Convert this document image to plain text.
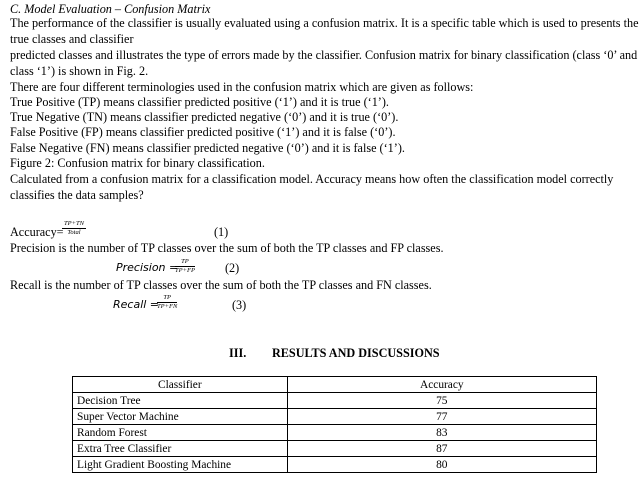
C. Model Evaluation – Confusion Matrix
The performance of the classifier is usually evaluated using a confusion matrix. It is a specific table which is used to presents the
true classes and classifier
predicted classes and illustrates the type of errors made by the classifier. Confusion matrix for binary classification (class ‘0’ and
class ‘1’) is shown in Fig. 2.
There are four different terminologies used in the confusion matrix which are given as follows:
True Positive (TP) means classifier predicted positive (‘1’) and it is true (‘1’).
True Negative (TN) means classifier predicted negative (‘0’) and it is true (‘0’).
False Positive (FP) means classifier predicted positive (‘1’) and it is false (‘0’).
False Negative (FN) means classifier predicted negative (‘0’) and it is false (‘1’).
Figure 2: Confusion matrix for binary classification.
Calculated from a confusion matrix for a classification model. Accuracy means how often the classification model correctly
classifies the data samples?
Accuracy=
TP+TN
Total	(1)
Precision is the number of TP classes over the sum of both the TP classes and FP classes.
Precision =
$\frac{TP}{TP+FP} (2)$
Recall is the number of TP classes over the sum of both the TP classes and FN classes.
Recall =
$\frac{TP}{TP+FN}$	(3)
III. RESULTS AND DISCUSSIONS
Classifier	Accuracy
Decision Tree	75
Super Vector Machine	77
Random Forest	83
Extra Tree Classifier	87
Light Gradient Boosting Machine	80
